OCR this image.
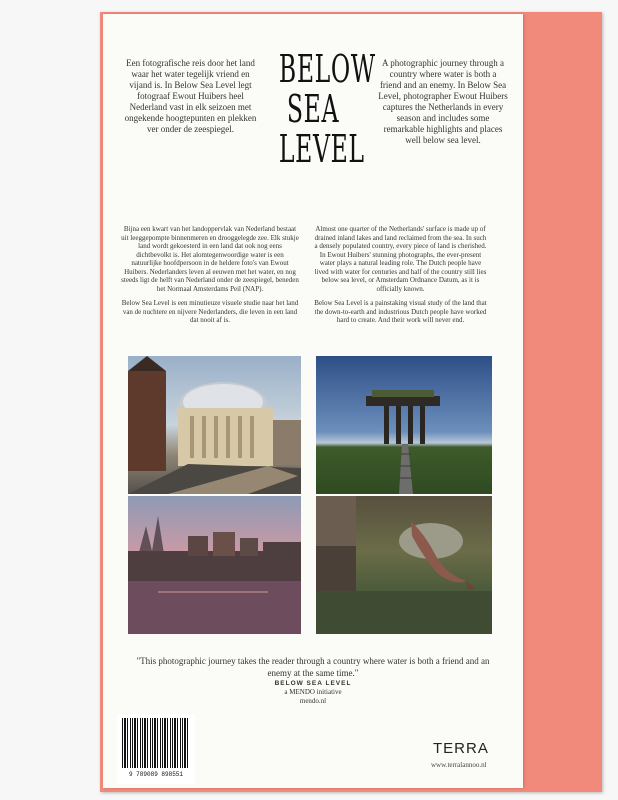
Een fotografische reis door het land waar het water tegelijk vriend en vijand is. In Below Sea Level legt fotograaf Ewout Huibers heel Nederland vast in elk seizoen met ongekende hoogtepunten en plekken ver onder de zeespiegel.
BELOW
SEA
LEVEL
A photographic journey through a country where water is both a friend and an enemy. In Below Sea Level, photographer Ewout Huibers captures the Netherlands in every season and includes some remarkable highlights and places well below sea level.

Bijna een kwart van het landoppervlak van Nederland bestaat uit leeggepompte binnenmeren en drooggelegde zee. Elk stukje land wordt gekoesterd in een land dat ook nog eens dichtbevolkt is. Het alomtegenwoordige water is een natuurlijke hoofdpersoon in de heldere foto's van Ewout Huibers. Nederlanders leven al eeuwen met het water, en nog steeds ligt de helft van Nederland onder de zeespiegel, beneden het Normaal Amsterdams Peil (NAP).

Below Sea Level is een minutieuze visuele studie naar het land van de nuchtere en nijvere Nederlanders, die leven in een land dat nooit af is.

Almost one quarter of the Netherlands' surface is made up of drained inland lakes and land reclaimed from the sea. In such a densely populated country, every piece of land is cherished. In Ewout Huibers' stunning photographs, the ever-present water plays a natural leading role. The Dutch people have lived with water for centuries and half of the country still lies below sea level, or Amsterdam Ordnance Datum, as it is officially known.

Below Sea Level is a painstaking visual study of the land that the down-to-earth and industrious Dutch people have worked hard to create. And their work will never end.

"This photographic journey takes the reader through a country where water is both a friend and an enemy at the same time."
BELOW SEA LEVEL
a MENDO initiative
mendo.nl
9 789089 898551
TERRA
www.terralannoo.nl
